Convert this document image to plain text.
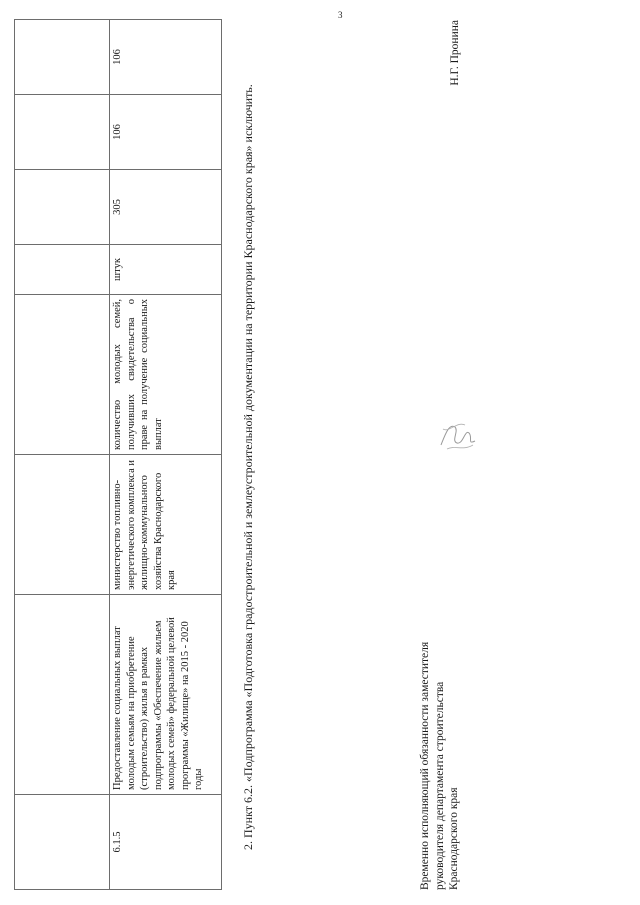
3

6.1.5	Предоставление социальных выплат молодым семьям на приобретение (строительство) жилья в рамках подпрограммы «Обеспечение жильем молодых семей» федеральной целевой программы «Жилище» на 2015 - 2020 годы	министерство топливно-энергетического комплекса и жилищно-коммунального хозяйства Краснодарского края	количество молодых семей, получивших свидетельства о праве на получение социальных выплат	штук	305	106	106

2. Пункт 6.2. «Подпрограмма «Подготовка градостроительной и землеустроительной документации на территории Краснодарского края» исключить.	Временно исполняющий обязанности заместителя руководителя департамента строительства Краснодарского края
Н.Г. Пронина
